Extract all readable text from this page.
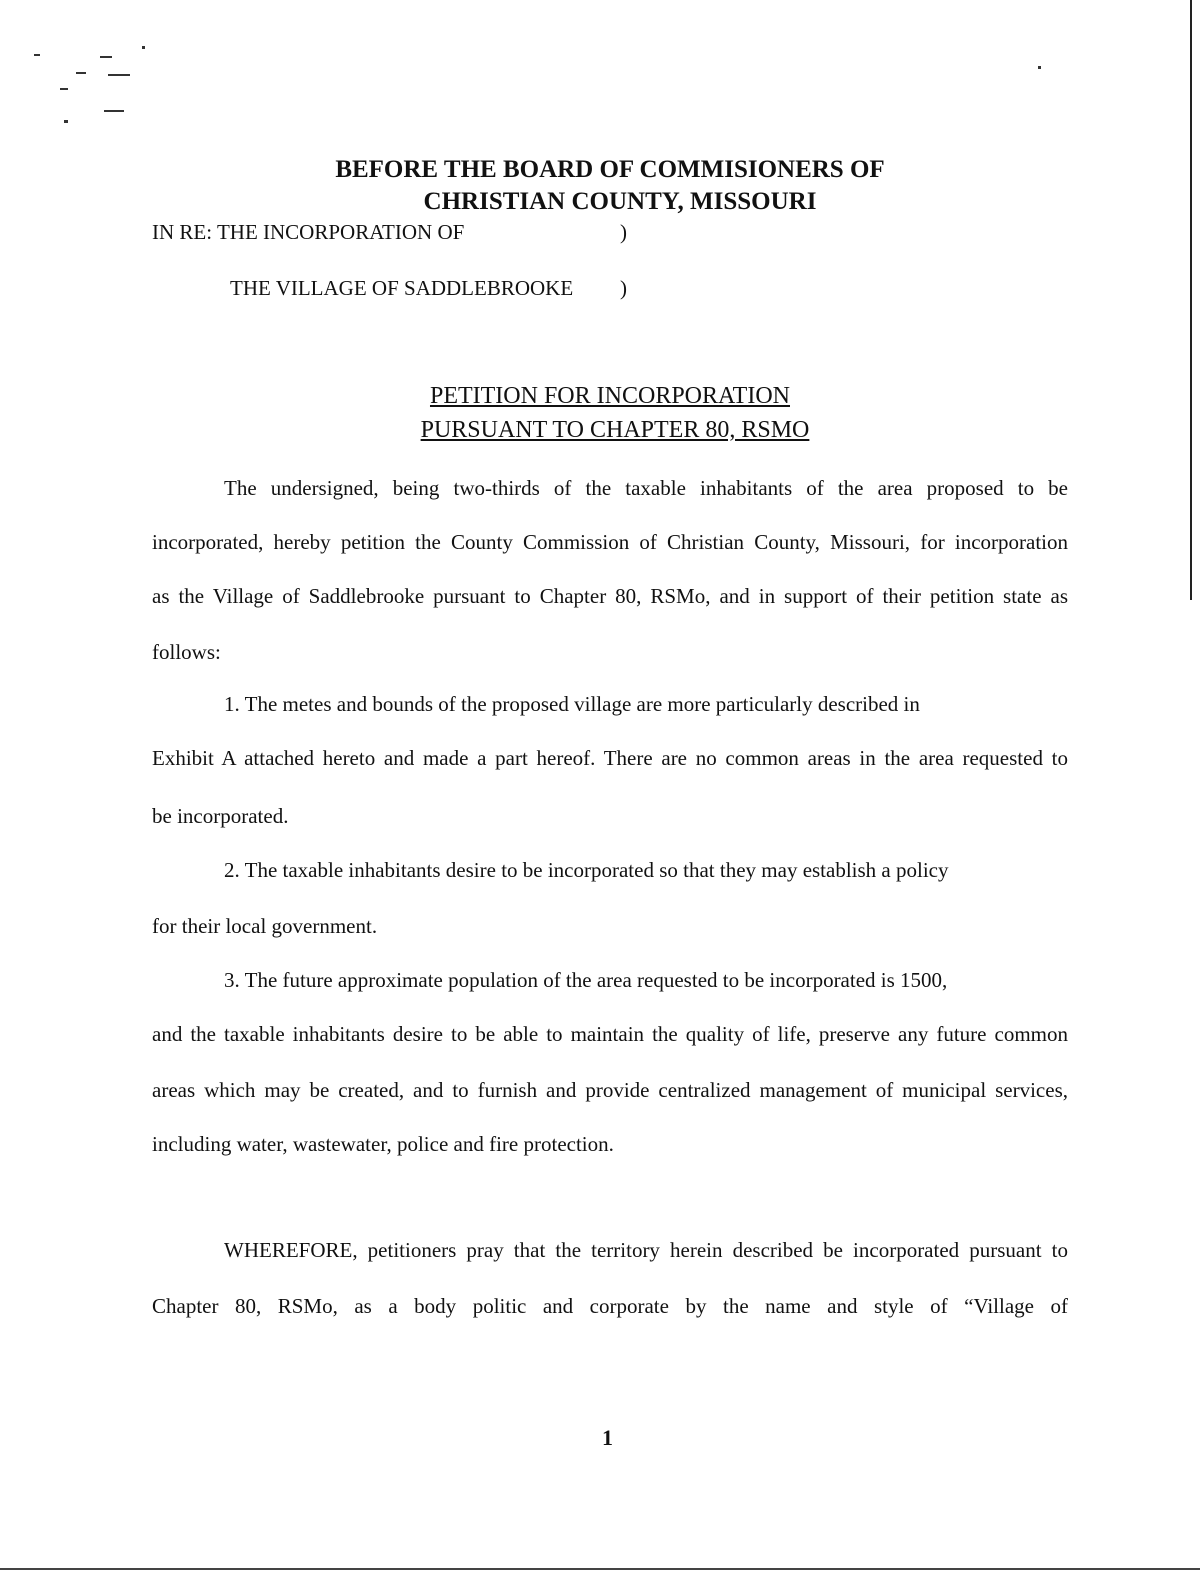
BEFORE THE BOARD OF COMMISIONERS OF
CHRISTIAN COUNTY, MISSOURI
IN RE: THE INCORPORATION OF	)
THE VILLAGE OF SADDLEBROOKE )
PETITION FOR INCORPORATION
PURSUANT TO CHAPTER 80, RSMO
The undersigned, being two-thirds of the taxable inhabitants of the area proposed to be
incorporated, hereby petition the County Commission of Christian County, Missouri, for incorporation
as the Village of Saddlebrooke pursuant to Chapter 80, RSMo, and in support of their petition state as
follows:
1. The metes and bounds of the proposed village are more particularly described in
Exhibit A attached hereto and made a part hereof. There are no common areas in the area requested to
be incorporated.
2. The taxable inhabitants desire to be incorporated so that they may establish a policy
for their local government.
3. The future approximate population of the area requested to be incorporated is 1500,
and the taxable inhabitants desire to be able to maintain the quality of life, preserve any future common
areas which may be created, and to furnish and provide centralized management of municipal services,
including water, wastewater, police and fire protection.
WHEREFORE, petitioners pray that the territory herein described be incorporated pursuant to
Chapter 80, RSMo, as a body politic and corporate by the name and style of “Village of
1
